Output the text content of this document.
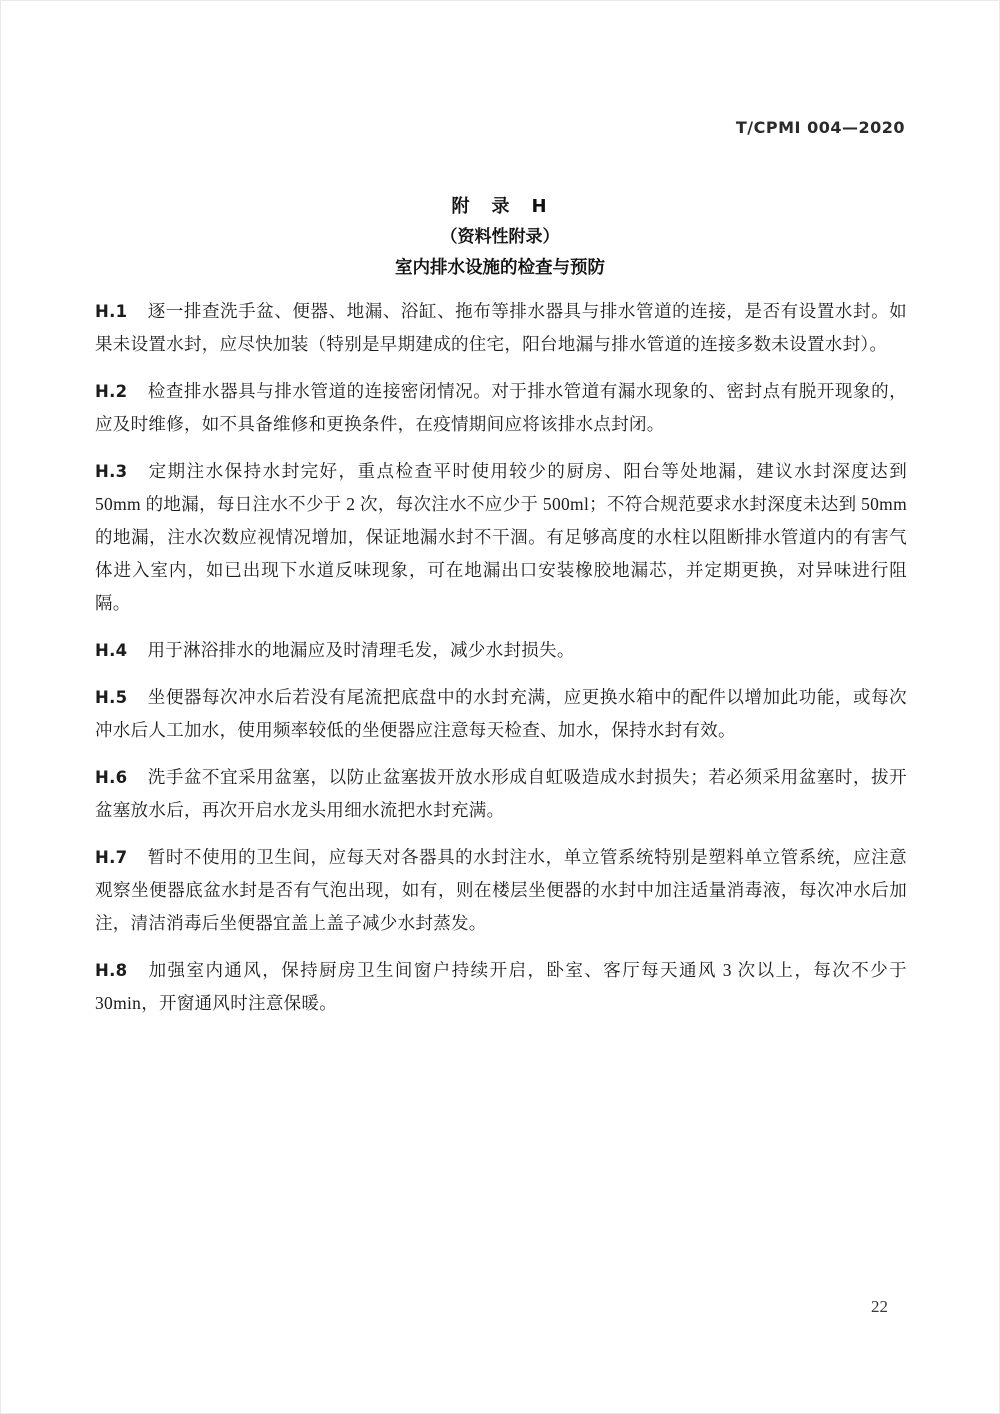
T/CPMI 004—2020
附　录　H
（资料性附录）
室内排水设施的检查与预防

H.1 逐一排查洗手盆、便器、地漏、浴缸、拖布等排水器具与排水管道的连接，是否有设置水封。如果未设置水封，应尽快加装（特别是早期建成的住宅，阳台地漏与排水管道的连接多数未设置水封）。

H.2 检查排水器具与排水管道的连接密闭情况。对于排水管道有漏水现象的、密封点有脱开现象的，应及时维修，如不具备维修和更换条件，在疫情期间应将该排水点封闭。

H.3 定期注水保持水封完好，重点检查平时使用较少的厨房、阳台等处地漏，建议水封深度达到 50mm 的地漏，每日注水不少于 2 次，每次注水不应少于 500ml；不符合规范要求水封深度未达到 50mm的地漏，注水次数应视情况增加，保证地漏水封不干涸。有足够高度的水柱以阻断排水管道内的有害气体进入室内，如已出现下水道反味现象，可在地漏出口安装橡胶地漏芯，并定期更换，对异味进行阻隔。

H.4 用于淋浴排水的地漏应及时清理毛发，减少水封损失。

H.5 坐便器每次冲水后若没有尾流把底盘中的水封充满，应更换水箱中的配件以增加此功能，或每次冲水后人工加水，使用频率较低的坐便器应注意每天检查、加水，保持水封有效。

H.6 洗手盆不宜采用盆塞，以防止盆塞拔开放水形成自虹吸造成水封损失；若必须采用盆塞时，拔开盆塞放水后，再次开启水龙头用细水流把水封充满。

H.7 暂时不使用的卫生间，应每天对各器具的水封注水，单立管系统特别是塑料单立管系统，应注意观察坐便器底盆水封是否有气泡出现，如有，则在楼层坐便器的水封中加注适量消毒液，每次冲水后加注，清洁消毒后坐便器宜盖上盖子减少水封蒸发。

H.8 加强室内通风，保持厨房卫生间窗户持续开启，卧室、客厅每天通风 3 次以上，每次不少于 30min，开窗通风时注意保暖。

22
